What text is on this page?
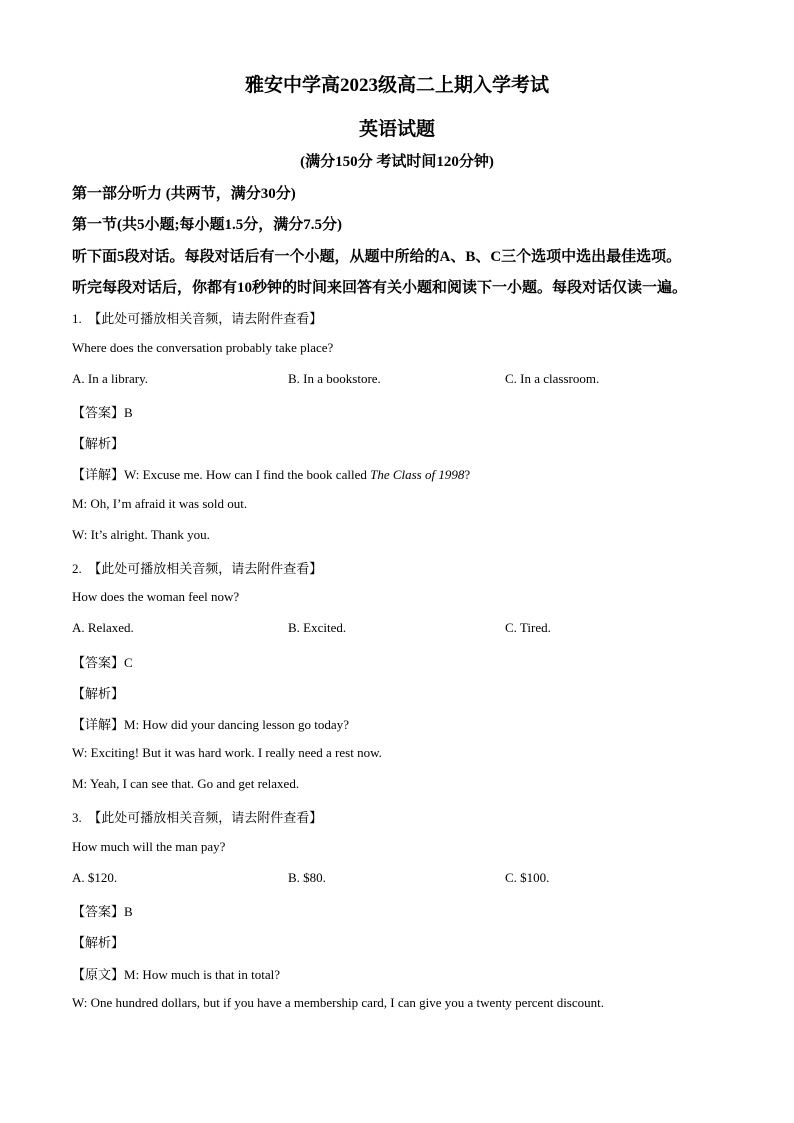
雅安中学高2023级高二上期入学考试
英语试题
(满分150分 考试时间120分钟)
第一部分听力 (共两节，满分30分)
第一节(共5小题;每小题1.5分，满分7.5分)
听下面5段对话。每段对话后有一个小题，从题中所给的A、B、C三个选项中选出最佳选项。
听完每段对话后，你都有10秒钟的时间来回答有关小题和阅读下一小题。每段对话仅读一遍。
1. 【此处可播放相关音频，请去附件查看】
Where does the conversation probably take place?
A. In a library.	B. In a bookstore.	C. In a classroom.
【答案】B
【解析】
【详解】W: Excuse me. How can I find the book called The Class of 1998?
M: Oh, I’m afraid it was sold out.
W: It’s alright. Thank you.
2. 【此处可播放相关音频，请去附件查看】
How does the woman feel now?
A. Relaxed.	B. Excited.	C. Tired.
【答案】C
【解析】
【详解】M: How did your dancing lesson go today?
W: Exciting! But it was hard work. I really need a rest now.
M: Yeah, I can see that. Go and get relaxed.
3. 【此处可播放相关音频，请去附件查看】
How much will the man pay?
A. $120.	B. $80.	C. $100.
【答案】B
【解析】
【原文】M: How much is that in total?
W: One hundred dollars, but if you have a membership card, I can give you a twenty percent discount.
